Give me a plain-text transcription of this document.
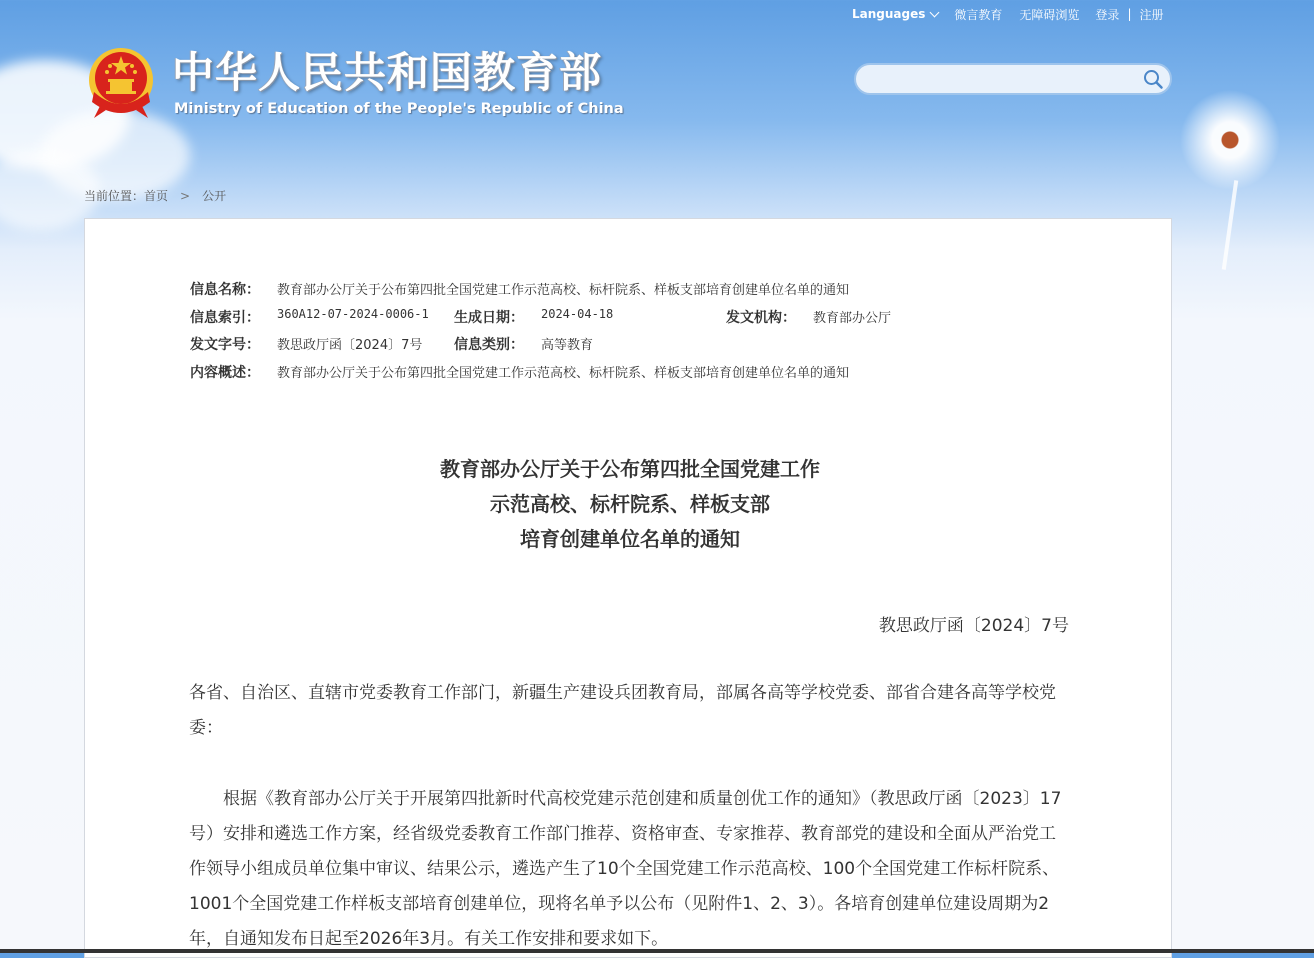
Languages 微言教育 无障碍浏览 登录 | 注册
中华人民共和国教育部
Ministry of Education of the People's Republic of China
当前位置：首页 > 公开
信息名称： 教育部办公厅关于公布第四批全国党建工作示范高校、标杆院系、样板支部培育创建单位名单的通知
信息索引： 360A12-07-2024-0006-1 生成日期： 2024-04-18	发文机构： 教育部办公厅
发文字号： 教思政厅函〔2024〕7号 信息类别： 高等教育
内容概述： 教育部办公厅关于公布第四批全国党建工作示范高校、标杆院系、样板支部培育创建单位名单的通知
教育部办公厅关于公布第四批全国党建工作
示范高校、标杆院系、样板支部
培育创建单位名单的通知
教思政厅函〔2024〕7号
各省、自治区、直辖市党委教育工作部门，新疆生产建设兵团教育局，部属各高等学校党委、部省合建各高等学校党委：
根据《教育部办公厅关于开展第四批新时代高校党建示范创建和质量创优工作的通知》（教思政厅函〔2023〕17号）安排和遴选工作方案，经省级党委教育工作部门推荐、资格审查、专家推荐、教育部党的建设和全面从严治党工作领导小组成员单位集中审议、结果公示，遴选产生了10个全国党建工作示范高校、100个全国党建工作标杆院系、1001个全国党建工作样板支部培育创建单位，现将名单予以公布（见附件1、2、3）。各培育创建单位建设周期为2年，自通知发布日起至2026年3月。有关工作安排和要求如下。
